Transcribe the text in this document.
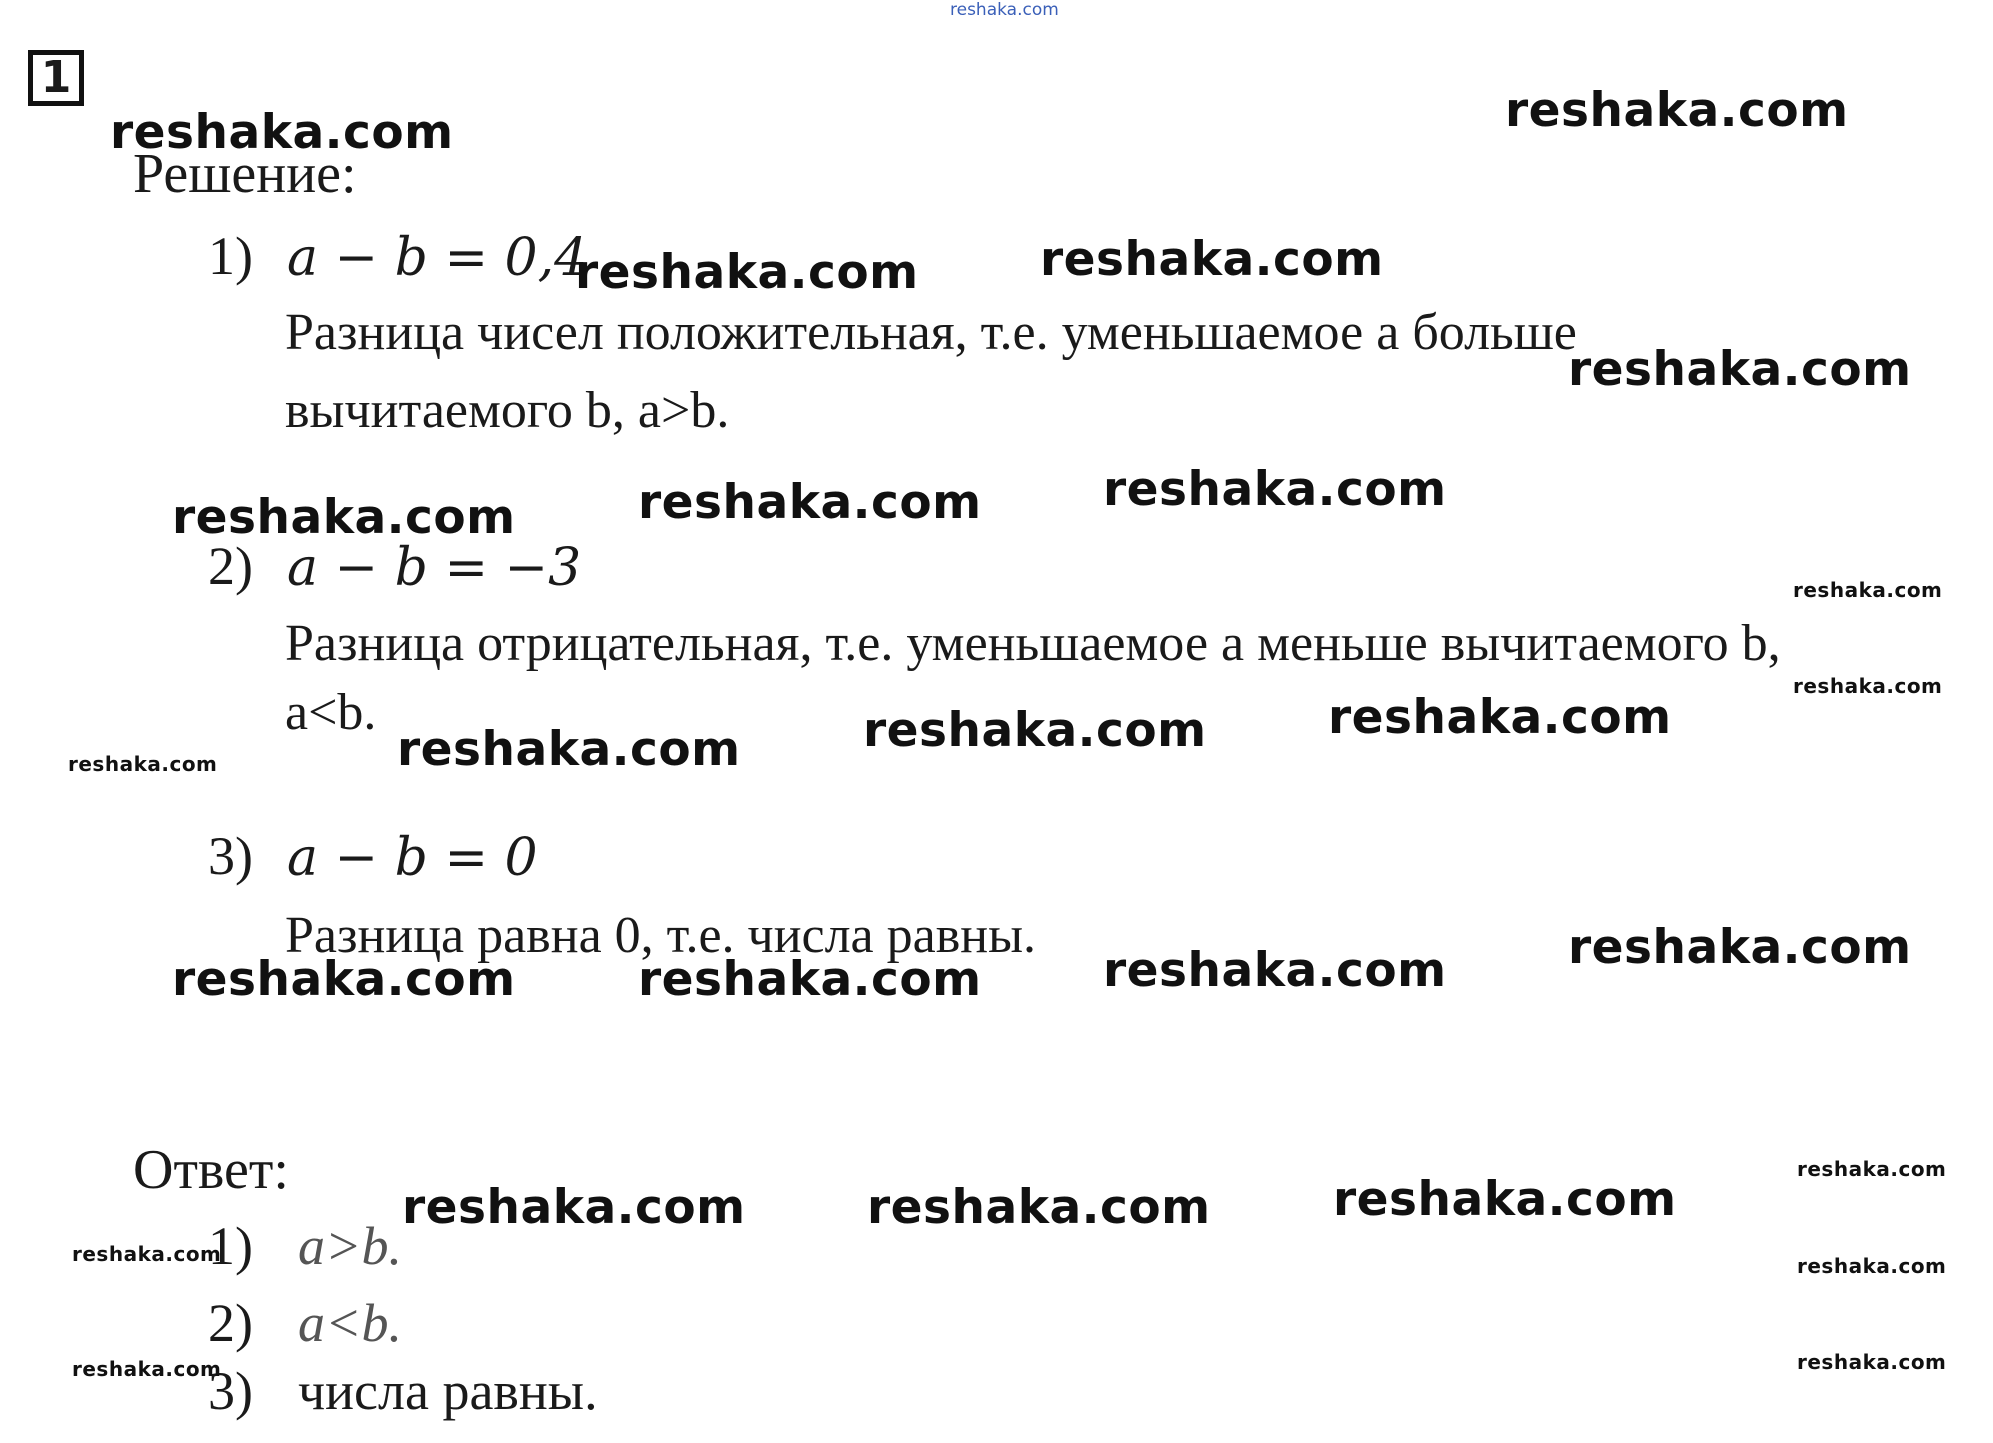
reshaka.com
1
Решение:
1) a − b = 0,4
Разница чисел положительная, т.е. уменьшаемое a больше
вычитаемого b, a>b.
2) a − b = −3
Разница отрицательная, т.е. уменьшаемое a меньше вычитаемого b,
a<b.
3) a − b = 0
Разница равна 0, т.е. числа равны.
Ответ:
1) a>b.
2) a<b.
3) числа равны.
reshaka.com	reshaka.com
reshaka.com	reshaka.com
reshaka.com
reshaka.com	reshaka.com	reshaka.com
reshaka.com	reshaka.com	reshaka.com
reshaka.com	reshaka.com	reshaka.com	reshaka.com
reshaka.com	reshaka.com	reshaka.com
reshaka.com
reshaka.com
reshaka.com
reshaka.com
reshaka.com	reshaka.com
reshaka.com	reshaka.com
